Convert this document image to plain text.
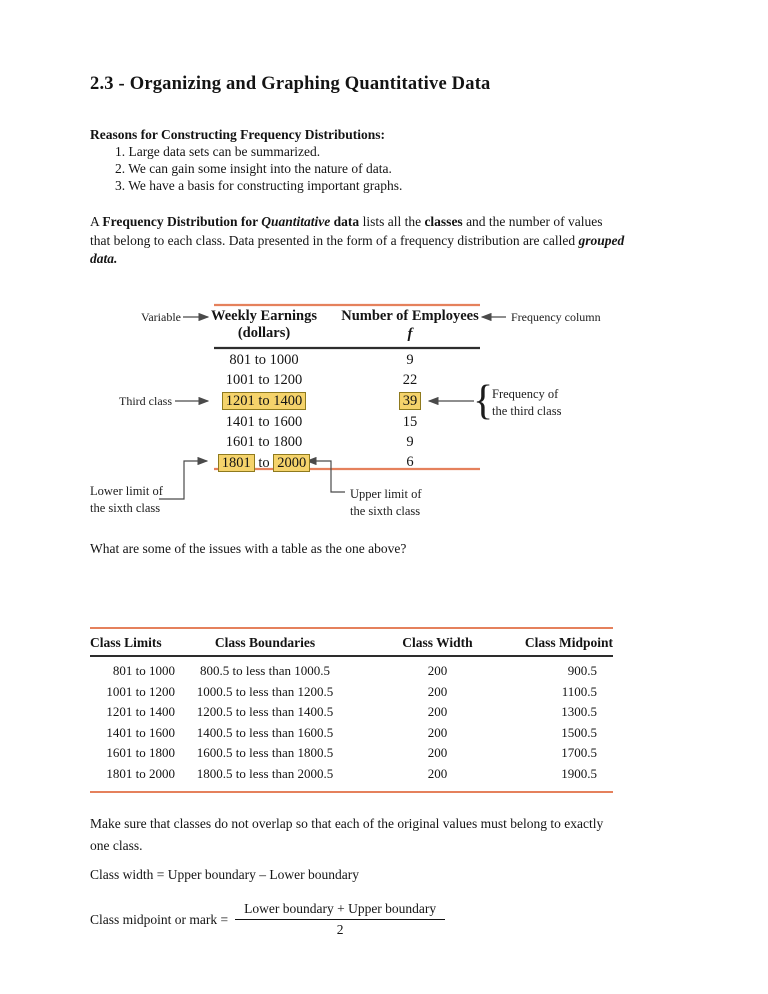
2.3 - Organizing and Graphing Quantitative Data
Reasons for Constructing Frequency Distributions:
1. Large data sets can be summarized.
2. We can gain some insight into the nature of data.
3. We have a basis for constructing important graphs.
A Frequency Distribution for Quantitative data lists all the classes and the number of values
that belong to each class. Data presented in the form of a frequency distribution are called grouped
data.
Weekly Earnings
(dollars)
Number of Employees
f
801 to 1000	9
1001 to 1200	22
1201 to 1400	39
1401 to 1600	15
1601 to 1800	9
1801 to 2000	6
Variable	Frequency column
Third class	{
Frequency of
the third class
Lower limit of
the sixth class
Upper limit of
the sixth class
What are some of the issues with a table as the one above?
Class Limits	Class Boundaries	Class Width	Class Midpoint
801 to 1000	800.5 to less than 1000.5	200	900.5
1001 to 1200	1000.5 to less than 1200.5	200	1100.5
1201 to 1400	1200.5 to less than 1400.5	200	1300.5
1401 to 1600	1400.5 to less than 1600.5	200	1500.5
1601 to 1800	1600.5 to less than 1800.5	200	1700.5
1801 to 2000	1800.5 to less than 2000.5	200	1900.5
Make sure that classes do not overlap so that each of the original values must belong to exactly
one class.
Class width = Upper boundary – Lower boundary
Class midpoint or mark = $\frac{\text{Lower boundary + Upper boundary}}{2}$
